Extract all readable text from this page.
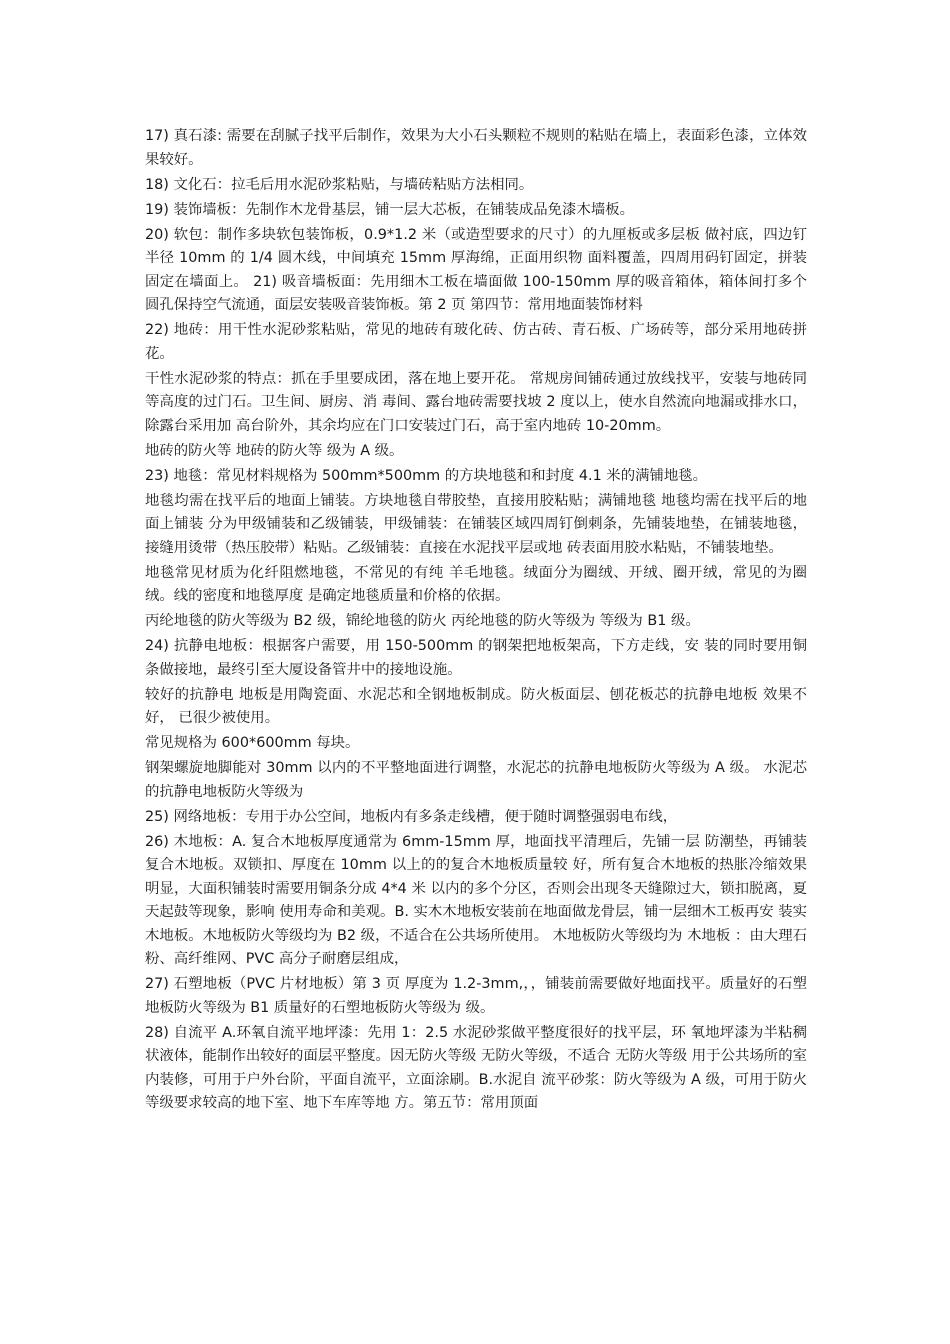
17) 真石漆: 需要在刮腻子找平后制作，效果为大小石头颗粒不规则的粘贴在墙上，表面彩色漆，立体效果较好。

18) 文化石：拉毛后用水泥砂浆粘贴，与墙砖粘贴方法相同。

19) 装饰墙板：先制作木龙骨基层，铺一层大芯板，在铺装成品免漆木墙板。

20) 软包：制作多块软包装饰板，0.9*1.2 米（或造型要求的尺寸）的九厘板或多层板 做衬底，四边钉半径 10mm 的 1/4 圆木线，中间填充 15mm 厚海绵，正面用织物 面料覆盖，四周用码钉固定，拼装固定在墙面上。 21) 吸音墙板面：先用细木工板在墙面做 100-150mm 厚的吸音箱体，箱体间打多个 圆孔保持空气流通，面层安装吸音装饰板。第 2 页 第四节：常用地面装饰材料

22) 地砖：用干性水泥砂浆粘贴，常见的地砖有玻化砖、仿古砖、青石板、广场砖等，部分采用地砖拼花。

干性水泥砂浆的特点：抓在手里要成团，落在地上要开花。 常规房间铺砖通过放线找平，安装与地砖同等高度的过门石。卫生间、厨房、消 毒间、露台地砖需要找坡 2 度以上，使水自然流向地漏或排水口，除露台采用加 高台阶外，其余均应在门口安装过门石，高于室内地砖 10-20mm。

地砖的防火等 地砖的防火等 级为 A 级。

23) 地毯：常见材料规格为 500mm*500mm 的方块地毯和和封度 4.1 米的满铺地毯。

地毯均需在找平后的地面上铺装。方块地毯自带胶垫，直接用胶粘贴；满铺地毯 地毯均需在找平后的地面上铺装 分为甲级铺装和乙级铺装，甲级铺装：在铺装区域四周钉倒刺条，先铺装地垫，在铺装地毯，接缝用烫带（热压胶带）粘贴。乙级铺装：直接在水泥找平层或地 砖表面用胶水粘贴，不铺装地垫。

地毯常见材质为化纤阻燃地毯，不常见的有纯 羊毛地毯。绒面分为圈绒、开绒、圈开绒，常见的为圈绒。线的密度和地毯厚度 是确定地毯质量和价格的依据。

丙纶地毯的防火等级为 B2 级，锦纶地毯的防火 丙纶地毯的防火等级为 等级为 B1 级。

24) 抗静电地板：根据客户需要，用 150-500mm 的钢架把地板架高，下方走线，安 装的同时要用铜条做接地，最终引至大厦设备管井中的接地设施。

较好的抗静电 地板是用陶瓷面、水泥芯和全钢地板制成。防火板面层、刨花板芯的抗静电地板 效果不好， 已很少被使用。

常见规格为 600*600mm 每块。

钢架螺旋地脚能对 30mm 以内的不平整地面进行调整，水泥芯的抗静电地板防火等级为 A 级。 水泥芯的抗静电地板防火等级为

25) 网络地板：专用于办公空间，地板内有多条走线槽，便于随时调整强弱电布线，

26) 木地板：A. 复合木地板厚度通常为 6mm-15mm 厚，地面找平清理后，先铺一层 防潮垫，再铺装复合木地板。双锁扣、厚度在 10mm 以上的的复合木地板质量较 好，所有复合木地板的热胀冷缩效果明显，大面积铺装时需要用铜条分成 4*4 米 以内的多个分区，否则会出现冬天缝隙过大，锁扣脱离，夏天起鼓等现象，影响 使用寿命和美观。B. 实木木地板安装前在地面做龙骨层，铺一层细木工板再安 装实木地板。木地板防火等级均为 B2 级，不适合在公共场所使用。 木地板防火等级均为 木地板 ：由大理石粉、高纤维网、PVC 高分子耐磨层组成，

27) 石塑地板（PVC 片材地板）第 3 页 厚度为 1.2-3mm,，，铺装前需要做好地面找平。质量好的石塑地板防火等级为 B1 质量好的石塑地板防火等级为 级。

28) 自流平 A.环氧自流平地坪漆：先用 1：2.5 水泥砂浆做平整度很好的找平层，环 氧地坪漆为半粘稠状液体，能制作出较好的面层平整度。因无防火等级 无防火等级，不适合 无防火等级 用于公共场所的室内装修，可用于户外台阶，平面自流平，立面涂刷。B.水泥自 流平砂浆：防火等级为 A 级，可用于防火等级要求较高的地下室、地下车库等地 方。第五节：常用顶面
